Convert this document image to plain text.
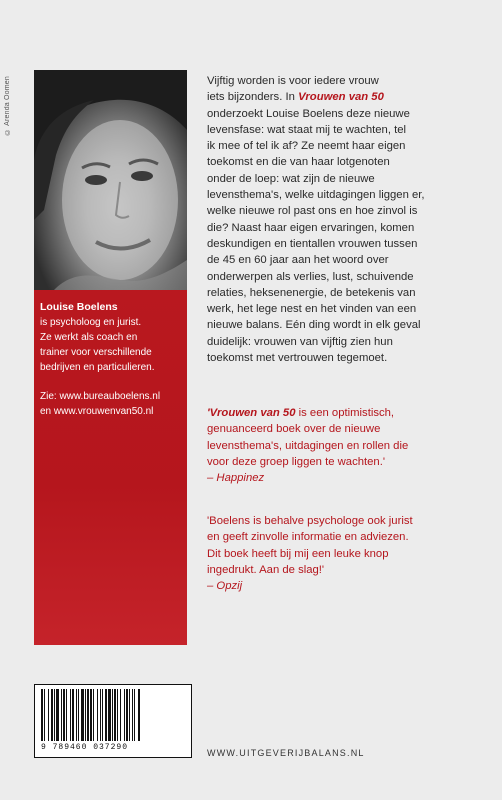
© Arenda Oomen

Louise Boelens

is psycholoog en jurist.

Ze werkt als coach en

trainer voor verschillende

bedrijven en particulieren.

Zie: www.bureauboelens.nl

en www.vrouwenvan50.nl

Vijftig worden is voor iedere vrouw

iets bijzonders. In Vrouwen van 50

onderzoekt Louise Boelens deze nieuwe

levensfase: wat staat mij te wachten, tel

ik mee of tel ik af? Ze neemt haar eigen

toekomst en die van haar lotgenoten

onder de loep: wat zijn de nieuwe

levensthema's, welke uitdagingen liggen er,

welke nieuwe rol past ons en hoe zinvol is

die? Naast haar eigen ervaringen, komen

deskundigen en tientallen vrouwen tussen

de 45 en 60 jaar aan het woord over

onderwerpen als verlies, lust, schuivende

relaties, heksenenergie, de betekenis van

werk, het lege nest en het vinden van een

nieuwe balans. Eén ding wordt in elk geval

duidelijk: vrouwen van vijftig zien hun

toekomst met vertrouwen tegemoet.

'Vrouwen van 50 is een optimistisch,

genuanceerd boek over de nieuwe

levensthema's, uitdagingen en rollen die

voor deze groep liggen te wachten.'

– Happinez

'Boelens is behalve psychologe ook jurist

en geeft zinvolle informatie en adviezen.

Dit boek heeft bij mij een leuke knop

ingedrukt. Aan de slag!'

– Opzij

9 789460 037290
WWW.UITGEVERIJBALANS.NL
